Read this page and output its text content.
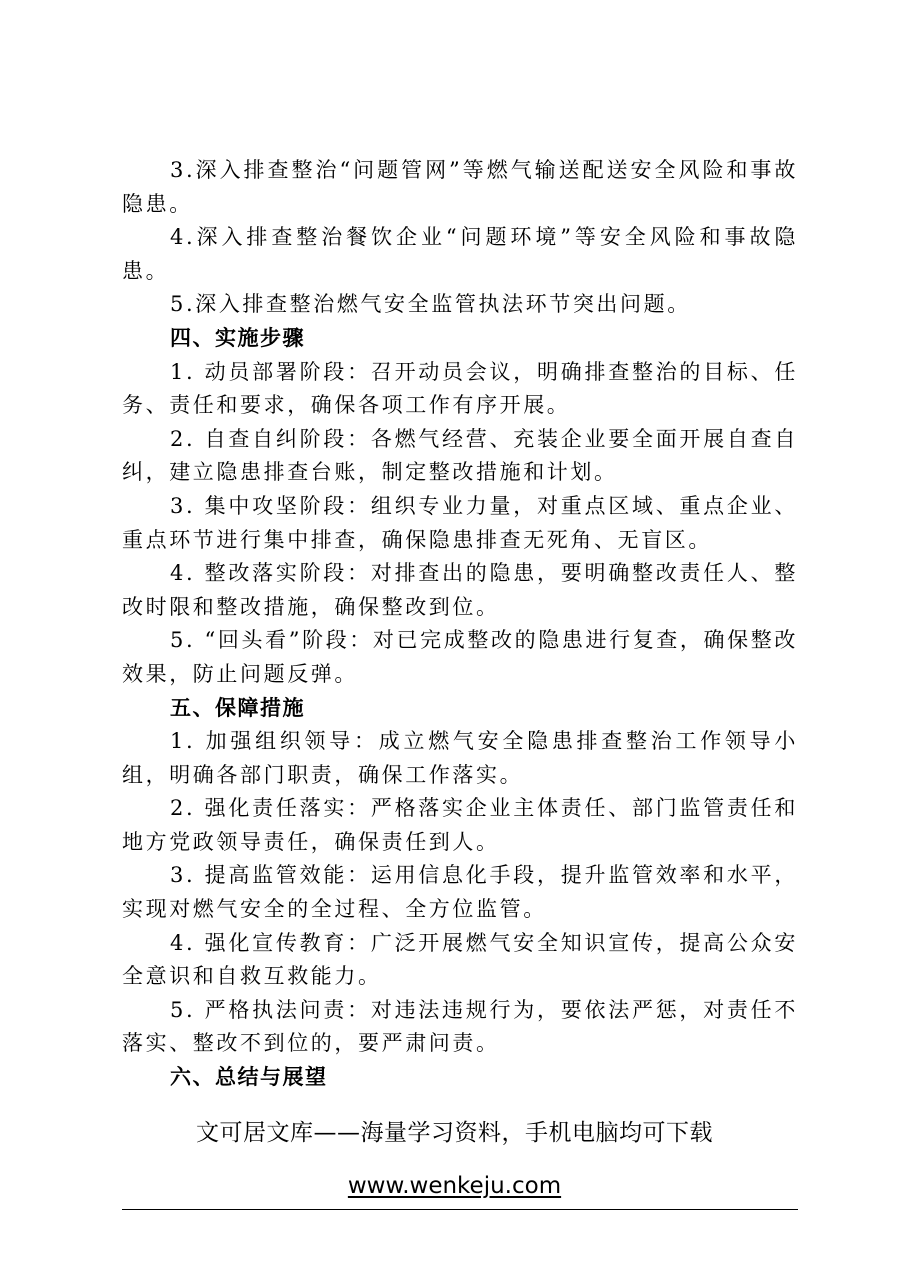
3.深入排查整治“问题管网”等燃气输送配送安全风险和事故隐患。

4.深入排查整治餐饮企业“问题环境”等安全风险和事故隐患。

5.深入排查整治燃气安全监管执法环节突出问题。

四、实施步骤

1. 动员部署阶段：召开动员会议，明确排查整治的目标、任务、责任和要求，确保各项工作有序开展。

2. 自查自纠阶段：各燃气经营、充装企业要全面开展自查自纠，建立隐患排查台账，制定整改措施和计划。

3. 集中攻坚阶段：组织专业力量，对重点区域、重点企业、重点环节进行集中排查，确保隐患排查无死角、无盲区。

4. 整改落实阶段：对排查出的隐患，要明确整改责任人、整改时限和整改措施，确保整改到位。

5. “回头看”阶段：对已完成整改的隐患进行复查，确保整改效果，防止问题反弹。

五、保障措施

1. 加强组织领导：成立燃气安全隐患排查整治工作领导小组，明确各部门职责，确保工作落实。

2. 强化责任落实：严格落实企业主体责任、部门监管责任和地方党政领导责任，确保责任到人。

3. 提高监管效能：运用信息化手段，提升监管效率和水平，实现对燃气安全的全过程、全方位监管。

4. 强化宣传教育：广泛开展燃气安全知识宣传，提高公众安全意识和自救互救能力。

5. 严格执法问责：对违法违规行为，要依法严惩，对责任不落实、整改不到位的，要严肃问责。

六、总结与展望

文可居文库——海量学习资料，手机电脑均可下载
www.wenkeju.com
